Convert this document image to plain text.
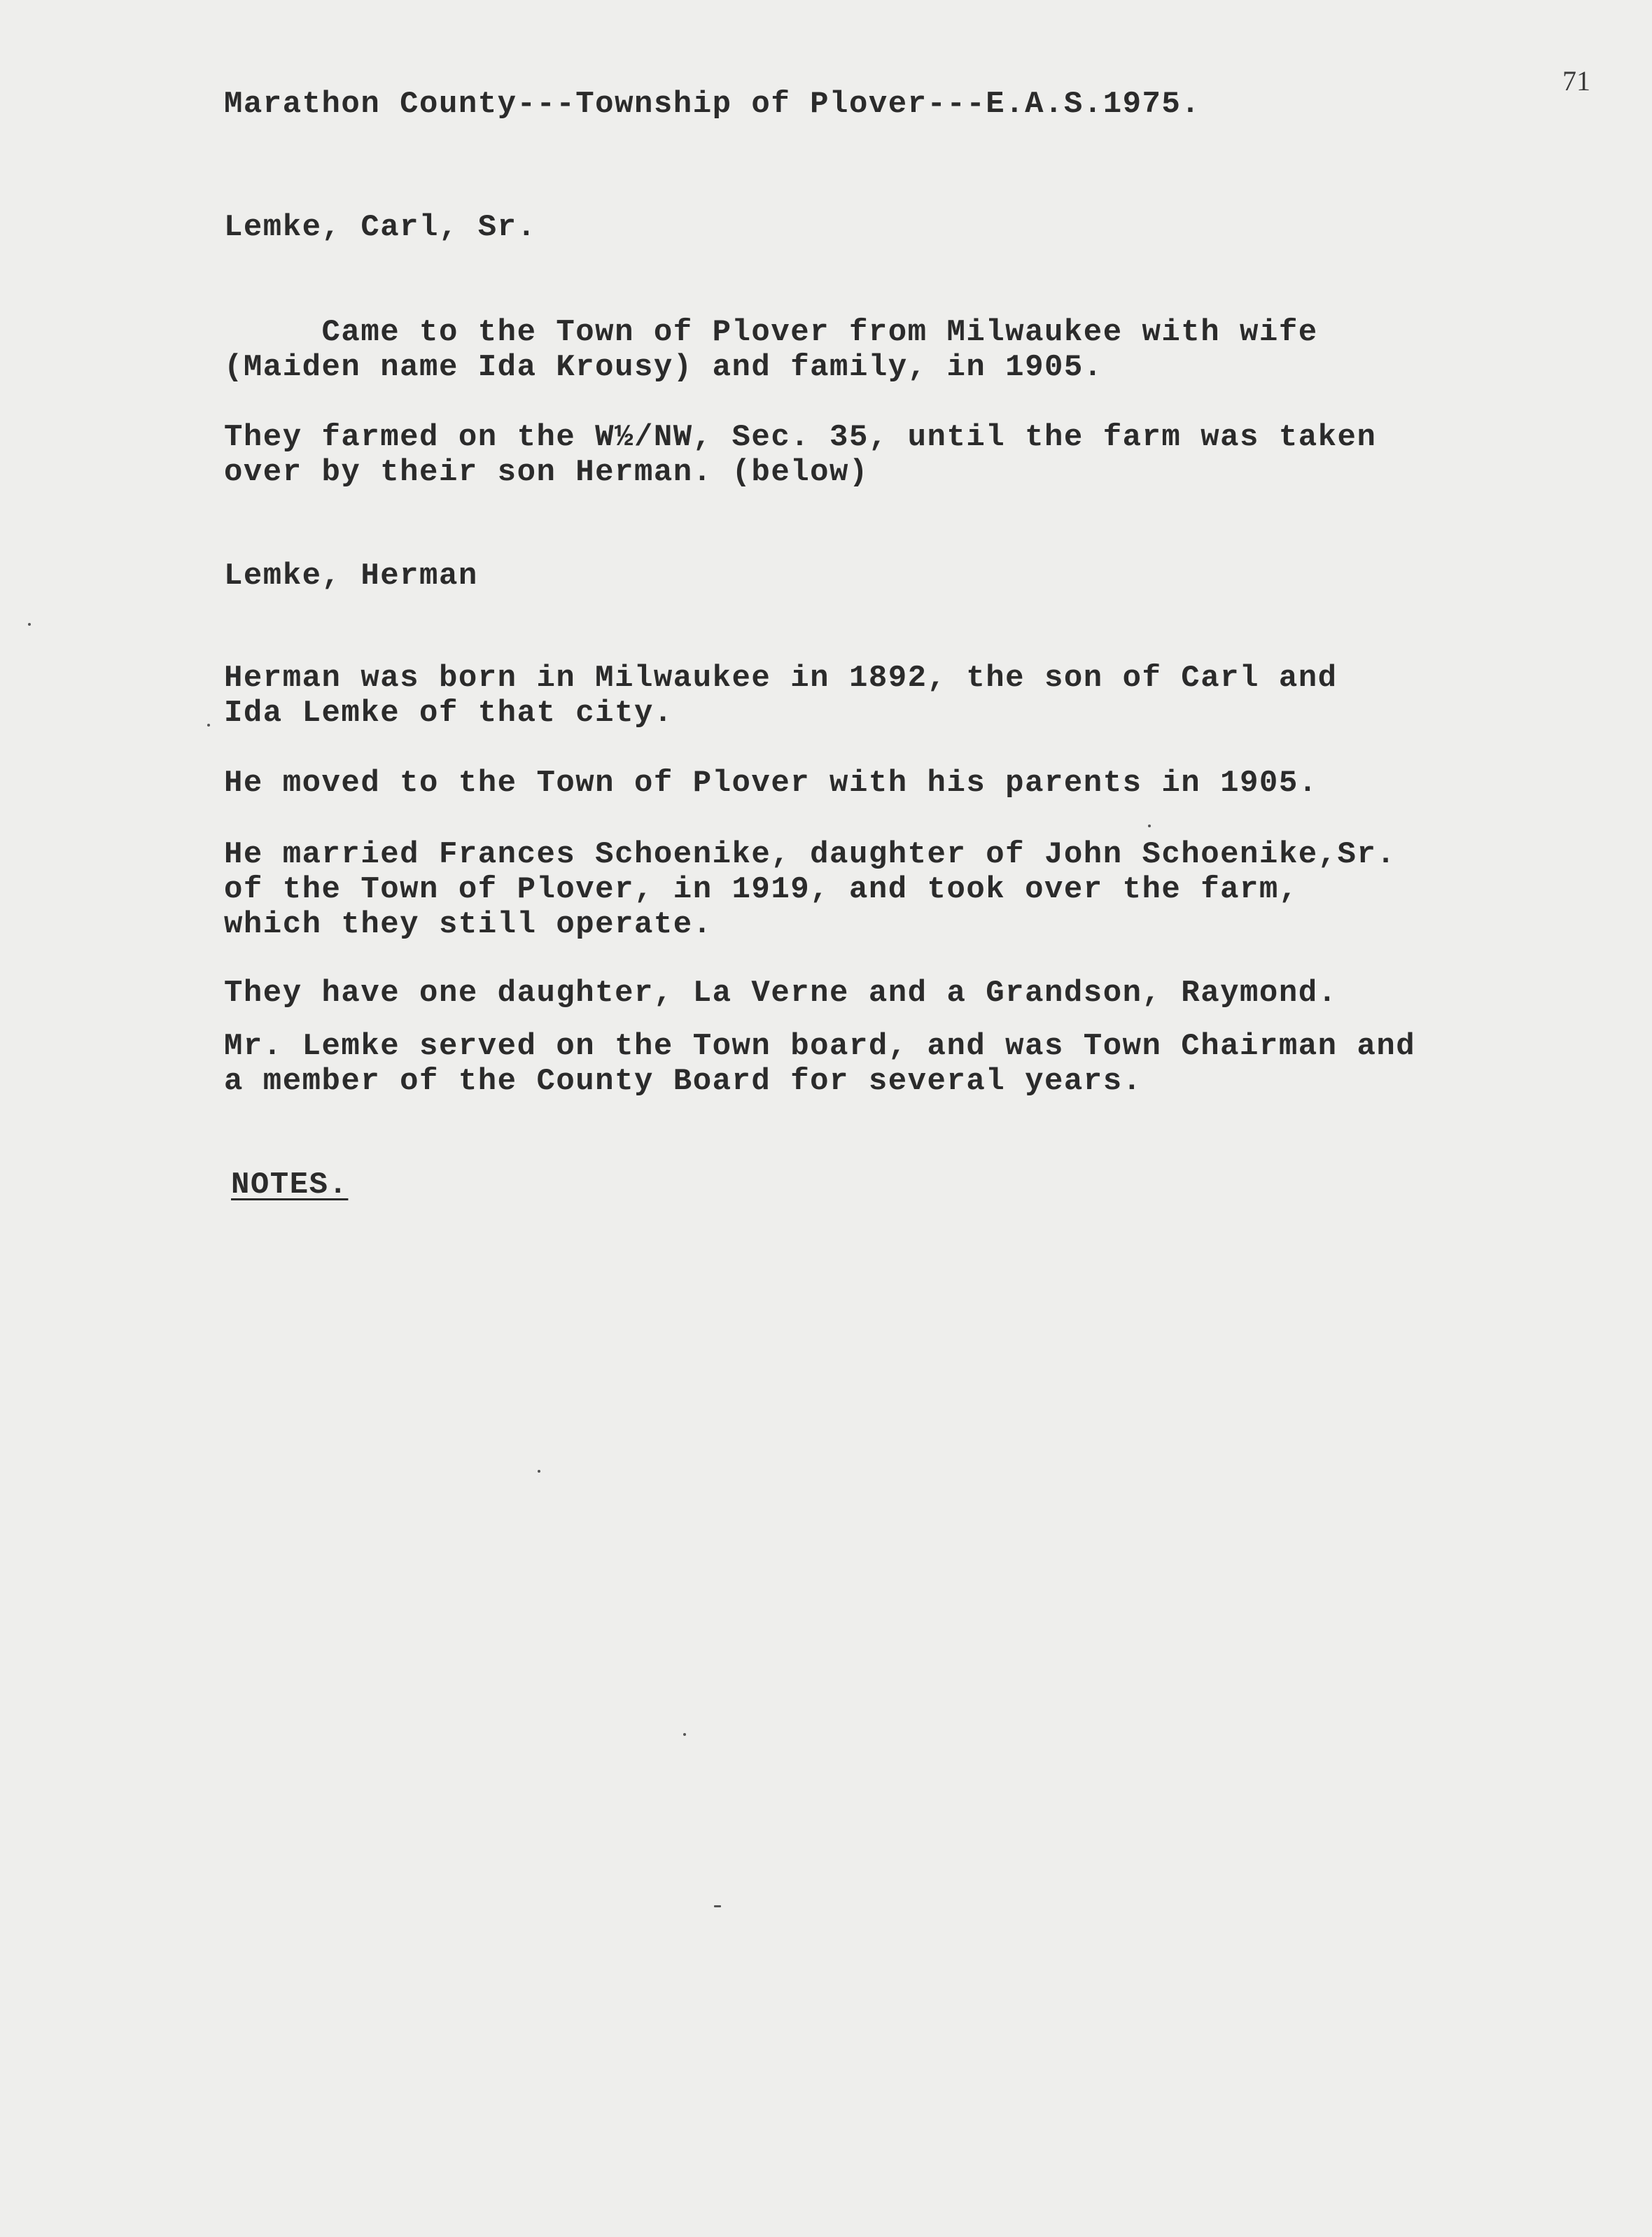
71

Marathon County---Township of Plover---E.A.S.1975.

Lemke, Carl, Sr.

Came to the Town of Plover from Milwaukee with wife
(Maiden name Ida Krousy) and family, in 1905.

They farmed on the W½/NW, Sec. 35, until the farm was taken
over by their son Herman. (below)

Lemke, Herman

Herman was born in Milwaukee in 1892, the son of Carl and
Ida Lemke of that city.

He moved to the Town of Plover with his parents in 1905.

He married Frances Schoenike, daughter of John Schoenike,Sr.
of the Town of Plover, in 1919, and took over the farm,
which they still operate.

They have one daughter, La Verne and a Grandson, Raymond.

Mr. Lemke served on the Town board, and was Town Chairman and
a member of the County Board for several years.

NOTES.
